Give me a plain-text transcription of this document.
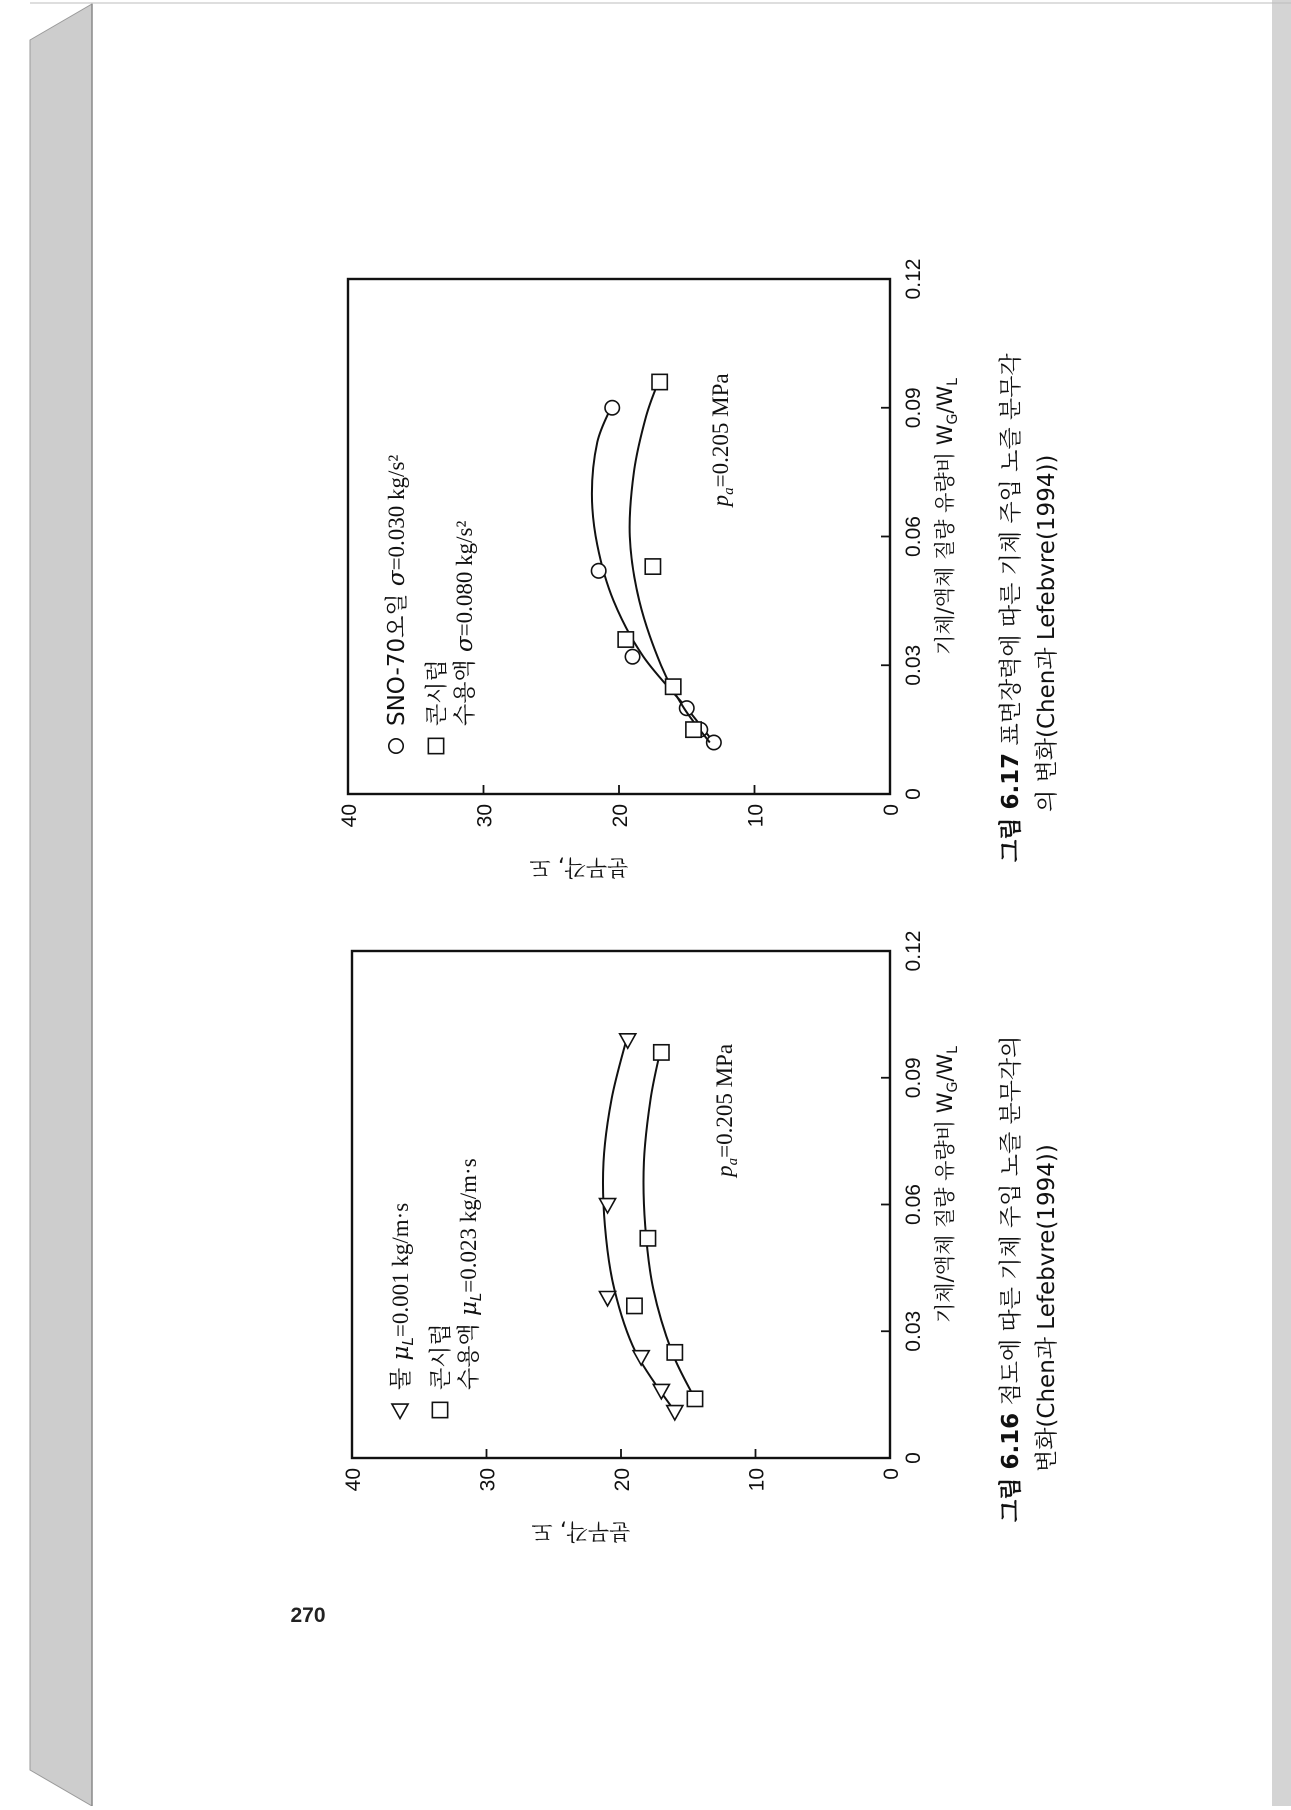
270
0
0.03
0.06
0.09
0.12
0
10
20
30
40
기체/액체 질량 유량비 $W_G/W_L$
분무각, 도
$p_a=0.205$ MPa
물 $\mu_L=0.001$ kg/m·s
콘시럽 수용액 $\mu_L=0.023$ kg/m·s
그림 6.16 점도에 따른 기체 주입 노즐 분무각의 변화(Chen과 Lefebvre(1994))
0
0.03
0.06
0.09
0.12
0
10
20
30
40
기체/액체 질량 유량비 $W_G/W_L$
분무각, 도
$p_a=0.205$ MPa
SNO-70오일 σ=0.030 kg/s²
콘시럽 수용액 σ=0.080 kg/s²
그림 6.17 표면장력에 따른 기체 주입 노즐 분무각 의 변화(Chen과 Lefebvre(1994))
